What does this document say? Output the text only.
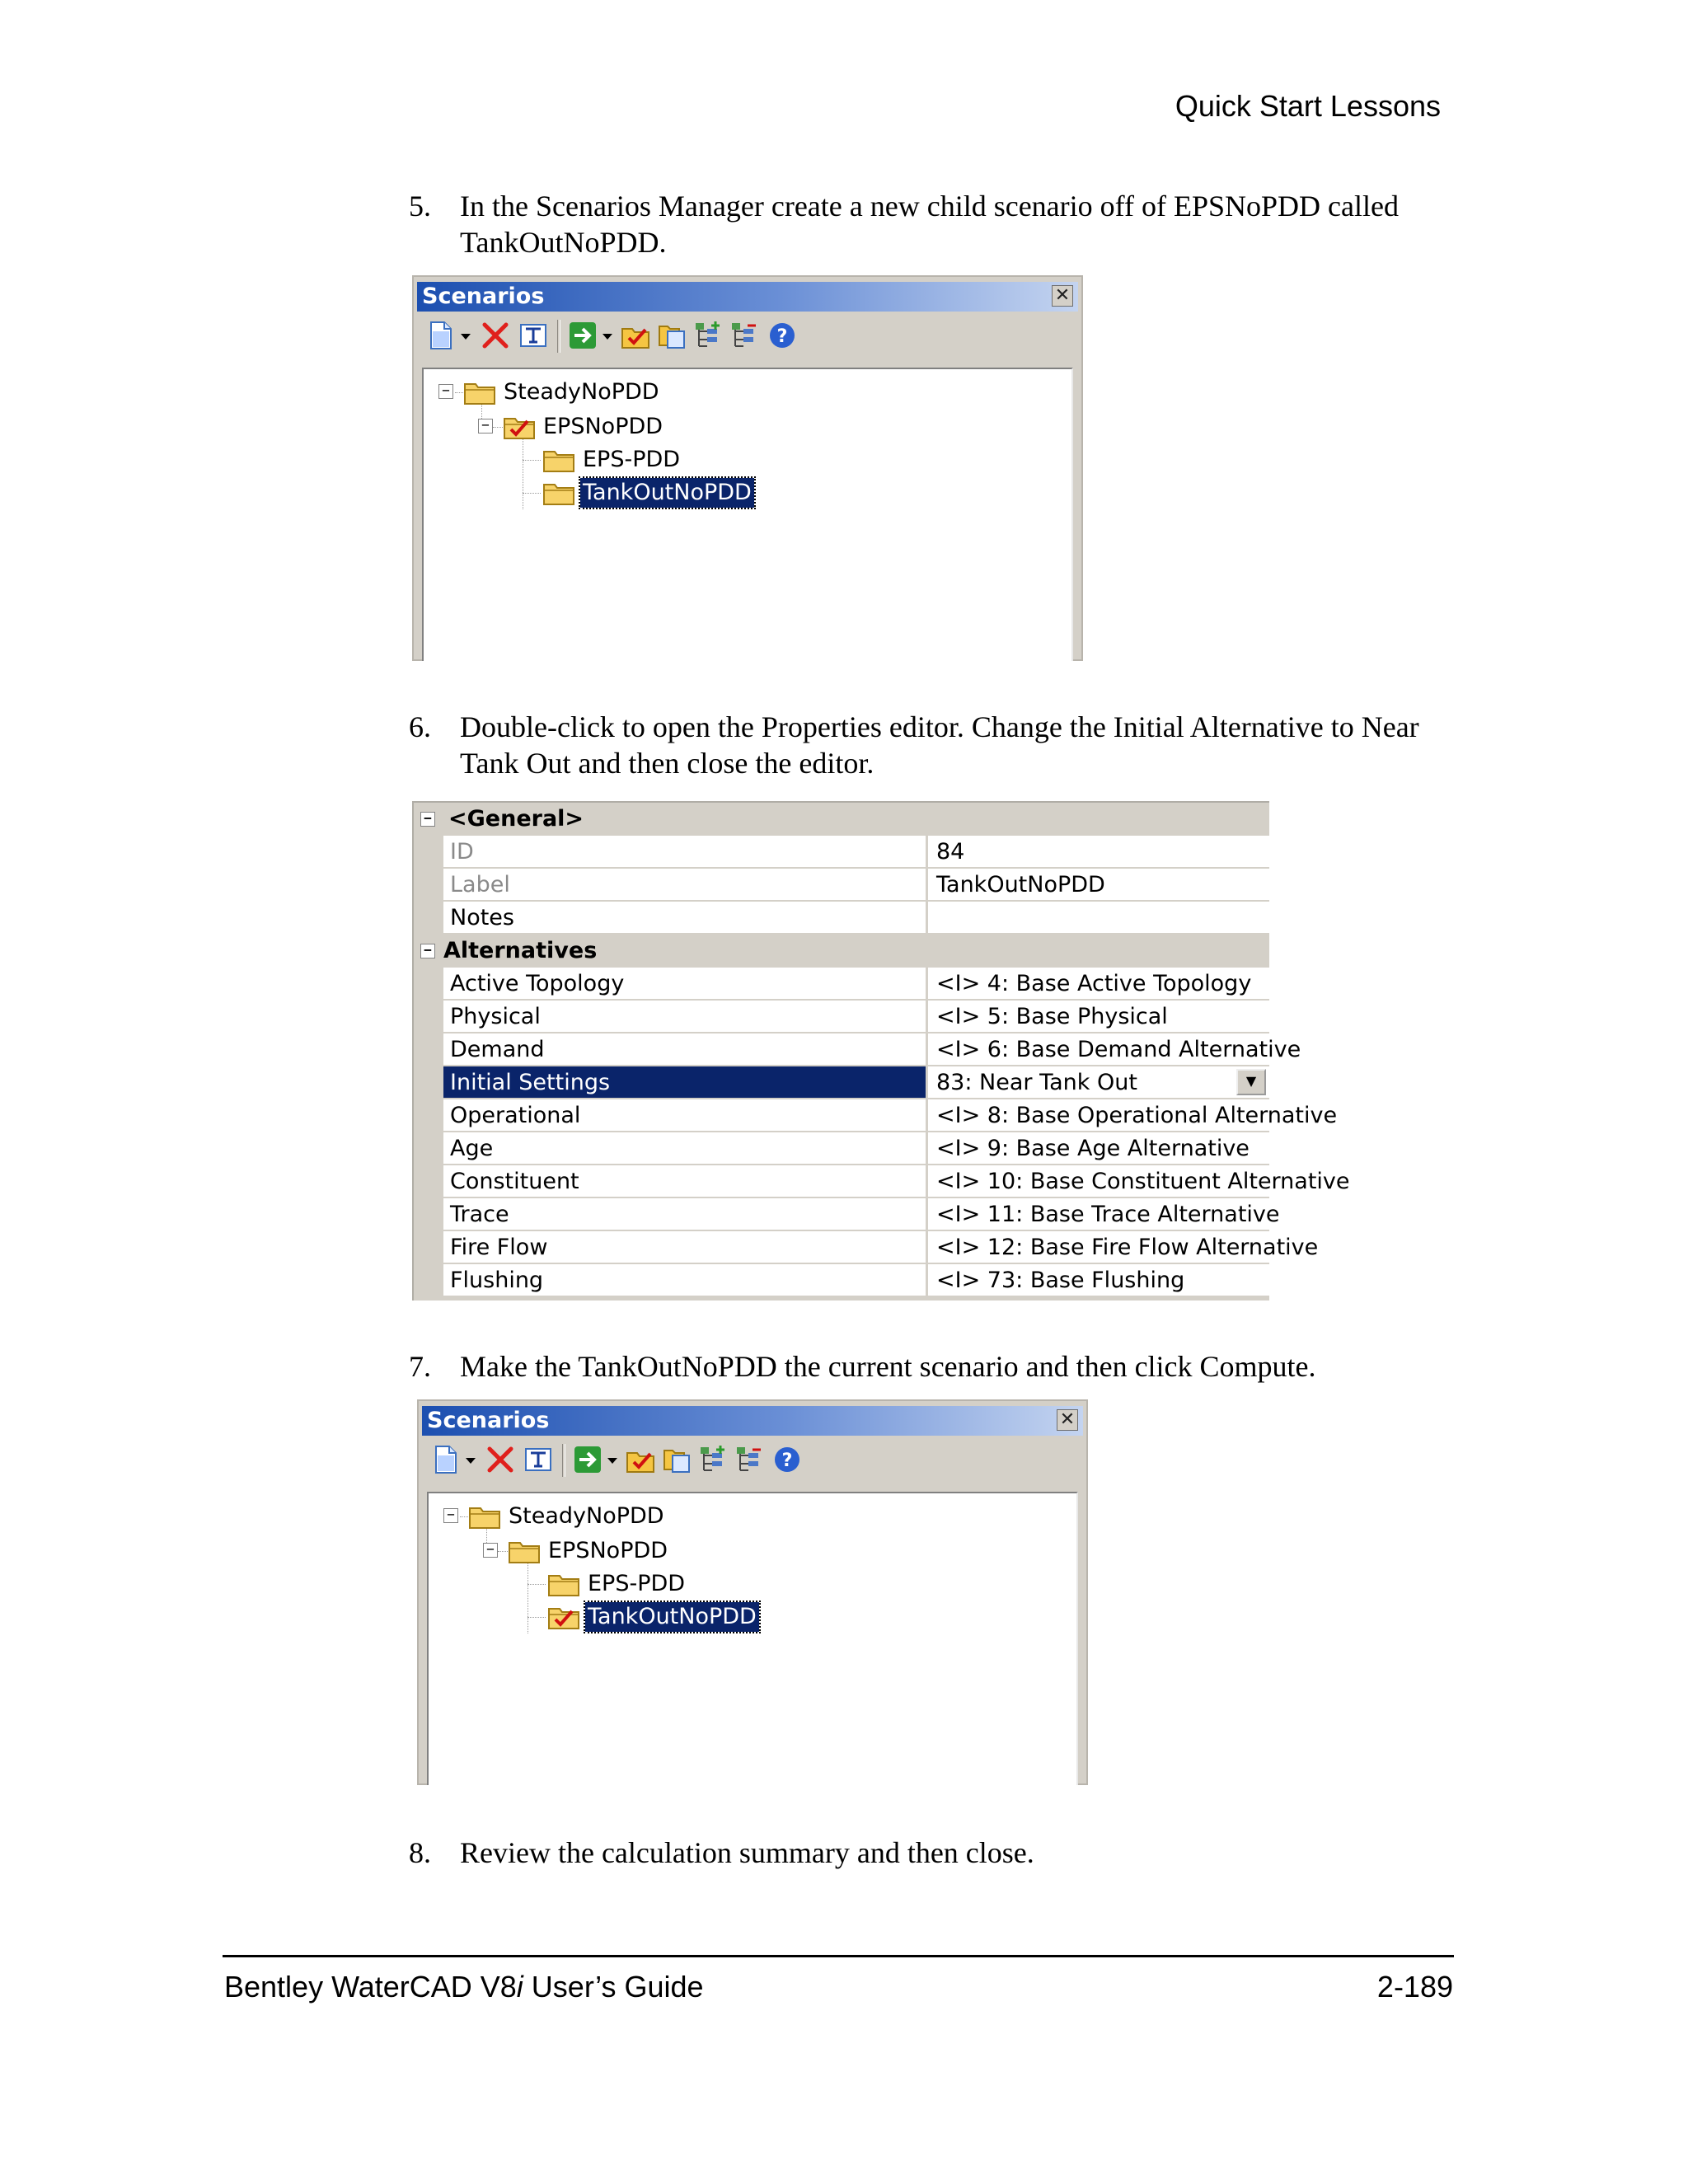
Quick Start Lessons
5. In the Scenarios Manager create a new child scenario off of EPSNoPDD called TankOutNoPDD.
Scenarios	✕
?
−
−
SteadyNoPDD
EPSNoPDD
EPS-PDD
TankOutNoPDD
6. Double-click to open the Properties editor. Change the Initial Alternative to Near Tank Out and then close the editor.
− <General>
ID	84
Label	TankOutNoPDD
Notes
− Alternatives
Active Topology	<I> 4: Base Active Topology
Physical	<I> 5: Base Physical
Demand	<I> 6: Base Demand Alternative
Initial Settings	83: Near Tank Out	▼
Operational	<I> 8: Base Operational Alternative
Age	<I> 9: Base Age Alternative
Constituent	<I> 10: Base Constituent Alternative
Trace	<I> 11: Base Trace Alternative
Fire Flow	<I> 12: Base Fire Flow Alternative
Flushing	<I> 73: Base Flushing
7. Make the TankOutNoPDD the current scenario and then click Compute.
Scenarios	✕
?
−
−
SteadyNoPDD
EPSNoPDD
EPS-PDD
TankOutNoPDD
8. Review the calculation summary and then close.
Bentley WaterCAD V8i User’s Guide	2-189
